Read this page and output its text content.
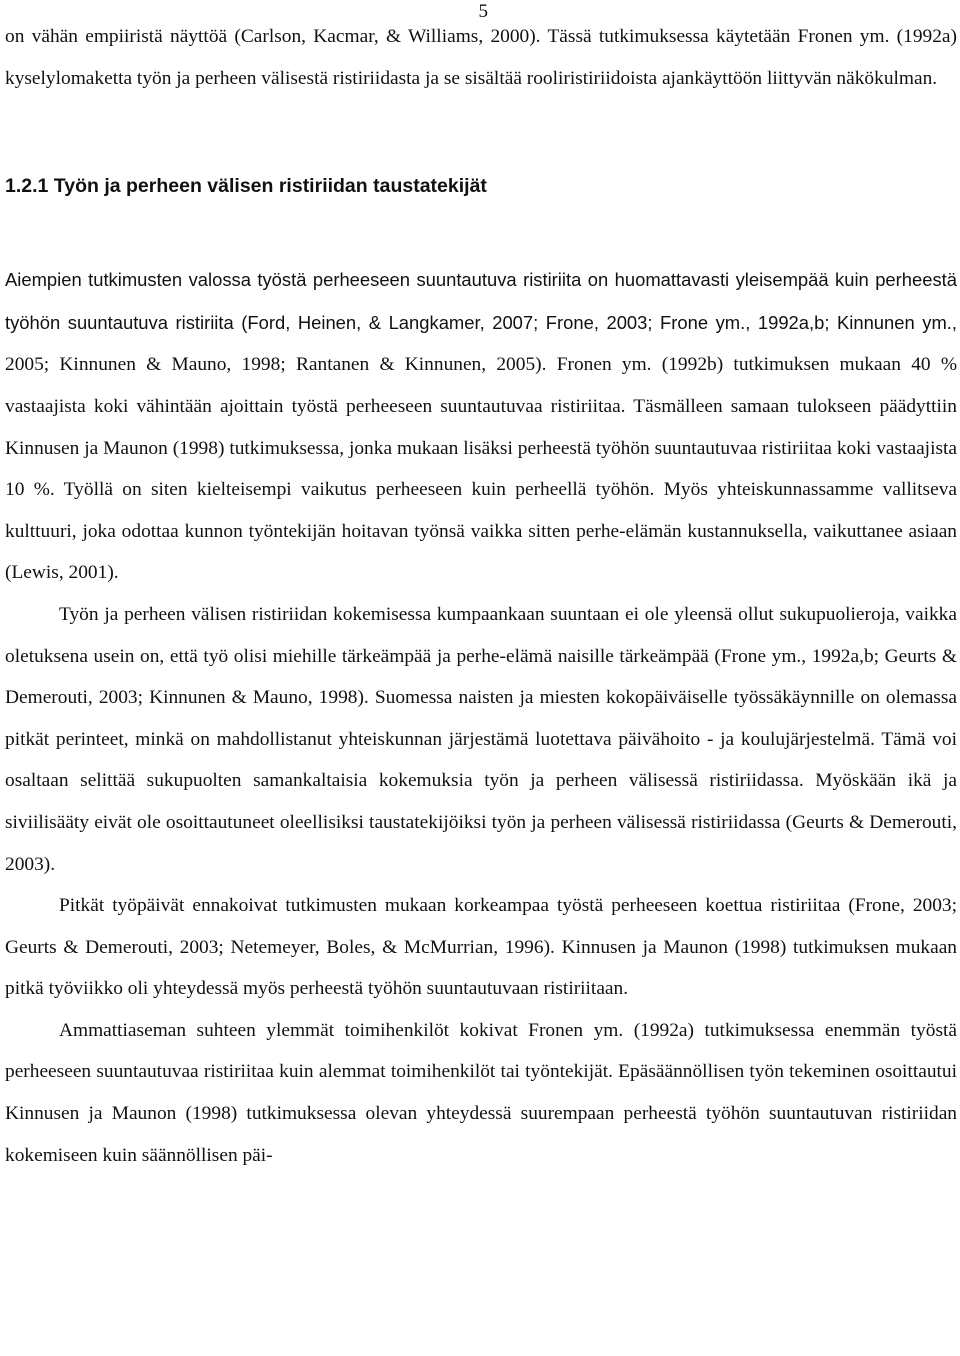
5

on vähän empiiristä näyttöä (Carlson, Kacmar, & Williams, 2000). Tässä tutkimuksessa käytetään Fronen ym. (1992a) kyselylomaketta työn ja perheen välisestä ristiriidasta ja se sisältää rooliristiriidoista ajankäyttöön liittyvän näkökulman.

1.2.1 Työn ja perheen välisen ristiriidan taustatekijät

Aiempien tutkimusten valossa työstä perheeseen suuntautuva ristiriita on huomattavasti yleisempää kuin perheestä työhön suuntautuva ristiriita (Ford, Heinen, & Langkamer, 2007; Frone, 2003; Frone ym., 1992a,b; Kinnunen ym., 2005; Kinnunen & Mauno, 1998; Rantanen & Kinnunen, 2005). Fronen ym. (1992b) tutkimuksen mukaan 40 % vastaajista koki vähintään ajoittain työstä perheeseen suuntautuvaa ristiriitaa. Täsmälleen samaan tulokseen päädyttiin Kinnusen ja Maunon (1998) tutkimuksessa, jonka mukaan lisäksi perheestä työhön suuntautuvaa ristiriitaa koki vastaajista 10 %. Työllä on siten kielteisempi vaikutus perheeseen kuin perheellä työhön. Myös yhteiskunnassamme vallitseva kulttuuri, joka odottaa kunnon työntekijän hoitavan työnsä vaikka sitten perhe-elämän kustannuksella, vaikuttanee asiaan (Lewis, 2001).

Työn ja perheen välisen ristiriidan kokemisessa kumpaankaan suuntaan ei ole yleensä ollut sukupuolieroja, vaikka oletuksena usein on, että työ olisi miehille tärkeämpää ja perhe-elämä naisille tärkeämpää (Frone ym., 1992a,b; Geurts & Demerouti, 2003; Kinnunen & Mauno, 1998). Suomessa naisten ja miesten kokopäiväiselle työssäkäynnille on olemassa pitkät perinteet, minkä on mahdollistanut yhteiskunnan järjestämä luotettava päivähoito - ja koulujärjestelmä. Tämä voi osaltaan selittää sukupuolten samankaltaisia kokemuksia työn ja perheen välisessä ristiriidassa. Myöskään ikä ja siviilisääty eivät ole osoittautuneet oleellisiksi taustatekijöiksi työn ja perheen välisessä ristiriidassa (Geurts & Demerouti, 2003).

Pitkät työpäivät ennakoivat tutkimusten mukaan korkeampaa työstä perheeseen koettua ristiriitaa (Frone, 2003; Geurts & Demerouti, 2003; Netemeyer, Boles, & McMurrian, 1996). Kinnusen ja Maunon (1998) tutkimuksen mukaan pitkä työviikko oli yhteydessä myös perheestä työhön suuntautuvaan ristiriitaan.

Ammattiaseman suhteen ylemmät toimihenkilöt kokivat Fronen ym. (1992a) tutkimuksessa enemmän työstä perheeseen suuntautuvaa ristiriitaa kuin alemmat toimihenkilöt tai työntekijät. Epäsäännöllisen työn tekeminen osoittautui Kinnusen ja Maunon (1998) tutkimuksessa olevan yhteydessä suurempaan perheestä työhön suuntautuvan ristiriidan kokemiseen kuin säännöllisen päi-
